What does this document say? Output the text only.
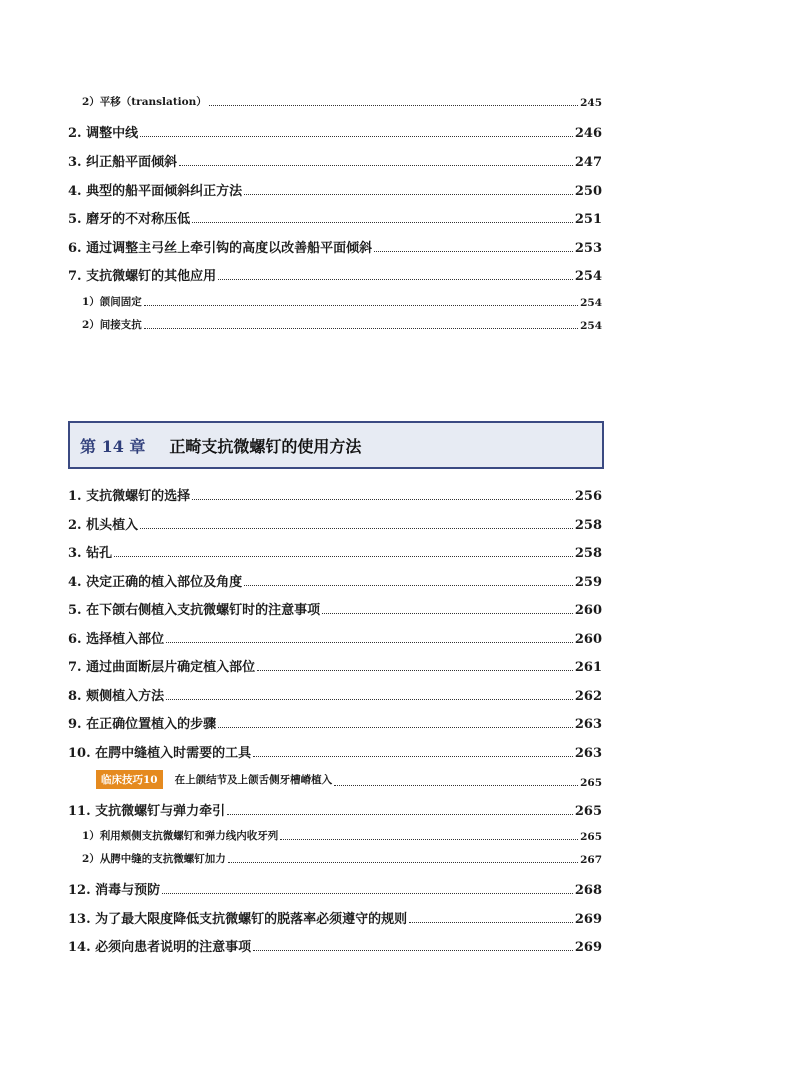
2）平移（translation）	245
2. 调整中线	246
3. 纠正船平面倾斜	247
4. 典型的船平面倾斜纠正方法	250
5. 磨牙的不对称压低	251
6. 通过调整主弓丝上牵引钩的高度以改善船平面倾斜	253
7. 支抗微螺钉的其他应用	254
1）颌间固定	254
2）间接支抗	254
第 14 章 正畸支抗微螺钉的使用方法
1. 支抗微螺钉的选择	256
2. 机头植入	258
3. 钻孔	258
4. 决定正确的植入部位及角度	259
5. 在下颌右侧植入支抗微螺钉时的注意事项	260
6. 选择植入部位	260
7. 通过曲面断层片确定植入部位	261
8. 颊侧植入方法	262
9. 在正确位置植入的步骤	263
10. 在腭中缝植入时需要的工具	263
临床技巧10	在上颌结节及上颌舌侧牙槽嵴植入	265
11. 支抗微螺钉与弹力牵引	265
1）利用颊侧支抗微螺钉和弹力线内收牙列	265
2）从腭中缝的支抗微螺钉加力	267
12. 消毒与预防	268
13. 为了最大限度降低支抗微螺钉的脱落率必须遵守的规则	269
14. 必须向患者说明的注意事项	269
